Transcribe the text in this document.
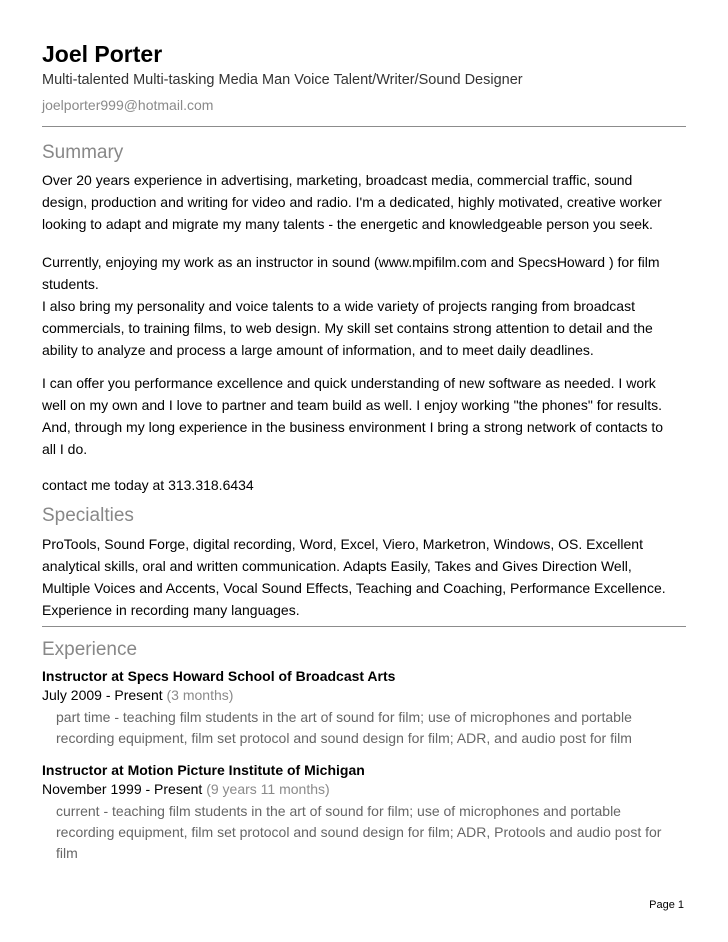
Joel Porter
Multi-talented Multi-tasking Media Man Voice Talent/Writer/Sound Designer
joelporter999@hotmail.com
Summary
Over 20 years experience in advertising, marketing, broadcast media, commercial traffic, sound
design, production and writing for video and radio. I'm a dedicated, highly motivated, creative worker
looking to adapt and migrate my many talents - the energetic and knowledgeable person you seek.
Currently, enjoying my work as an instructor in sound (www.mpifilm.com and SpecsHoward ) for film
students.
I also bring my personality and voice talents to a wide variety of projects ranging from broadcast
commercials, to training films, to web design. My skill set contains strong attention to detail and the
ability to analyze and process a large amount of information, and to meet daily deadlines.
I can offer you performance excellence and quick understanding of new software as needed. I work
well on my own and I love to partner and team build as well. I enjoy working "the phones" for results.
And, through my long experience in the business environment I bring a strong network of contacts to
all I do.
contact me today at 313.318.6434
Specialties
ProTools, Sound Forge, digital recording, Word, Excel, Viero, Marketron, Windows, OS. Excellent
analytical skills, oral and written communication. Adapts Easily, Takes and Gives Direction Well,
Multiple Voices and Accents, Vocal Sound Effects, Teaching and Coaching, Performance Excellence.
Experience in recording many languages.
Experience
Instructor at Specs Howard School of Broadcast Arts
July 2009 - Present (3 months)
part time - teaching film students in the art of sound for film; use of microphones and portable
recording equipment, film set protocol and sound design for film; ADR, and audio post for film
Instructor at Motion Picture Institute of Michigan
November 1999 - Present (9 years 11 months)
current - teaching film students in the art of sound for film; use of microphones and portable
recording equipment, film set protocol and sound design for film; ADR, Protools and audio post for
film
Page 1
